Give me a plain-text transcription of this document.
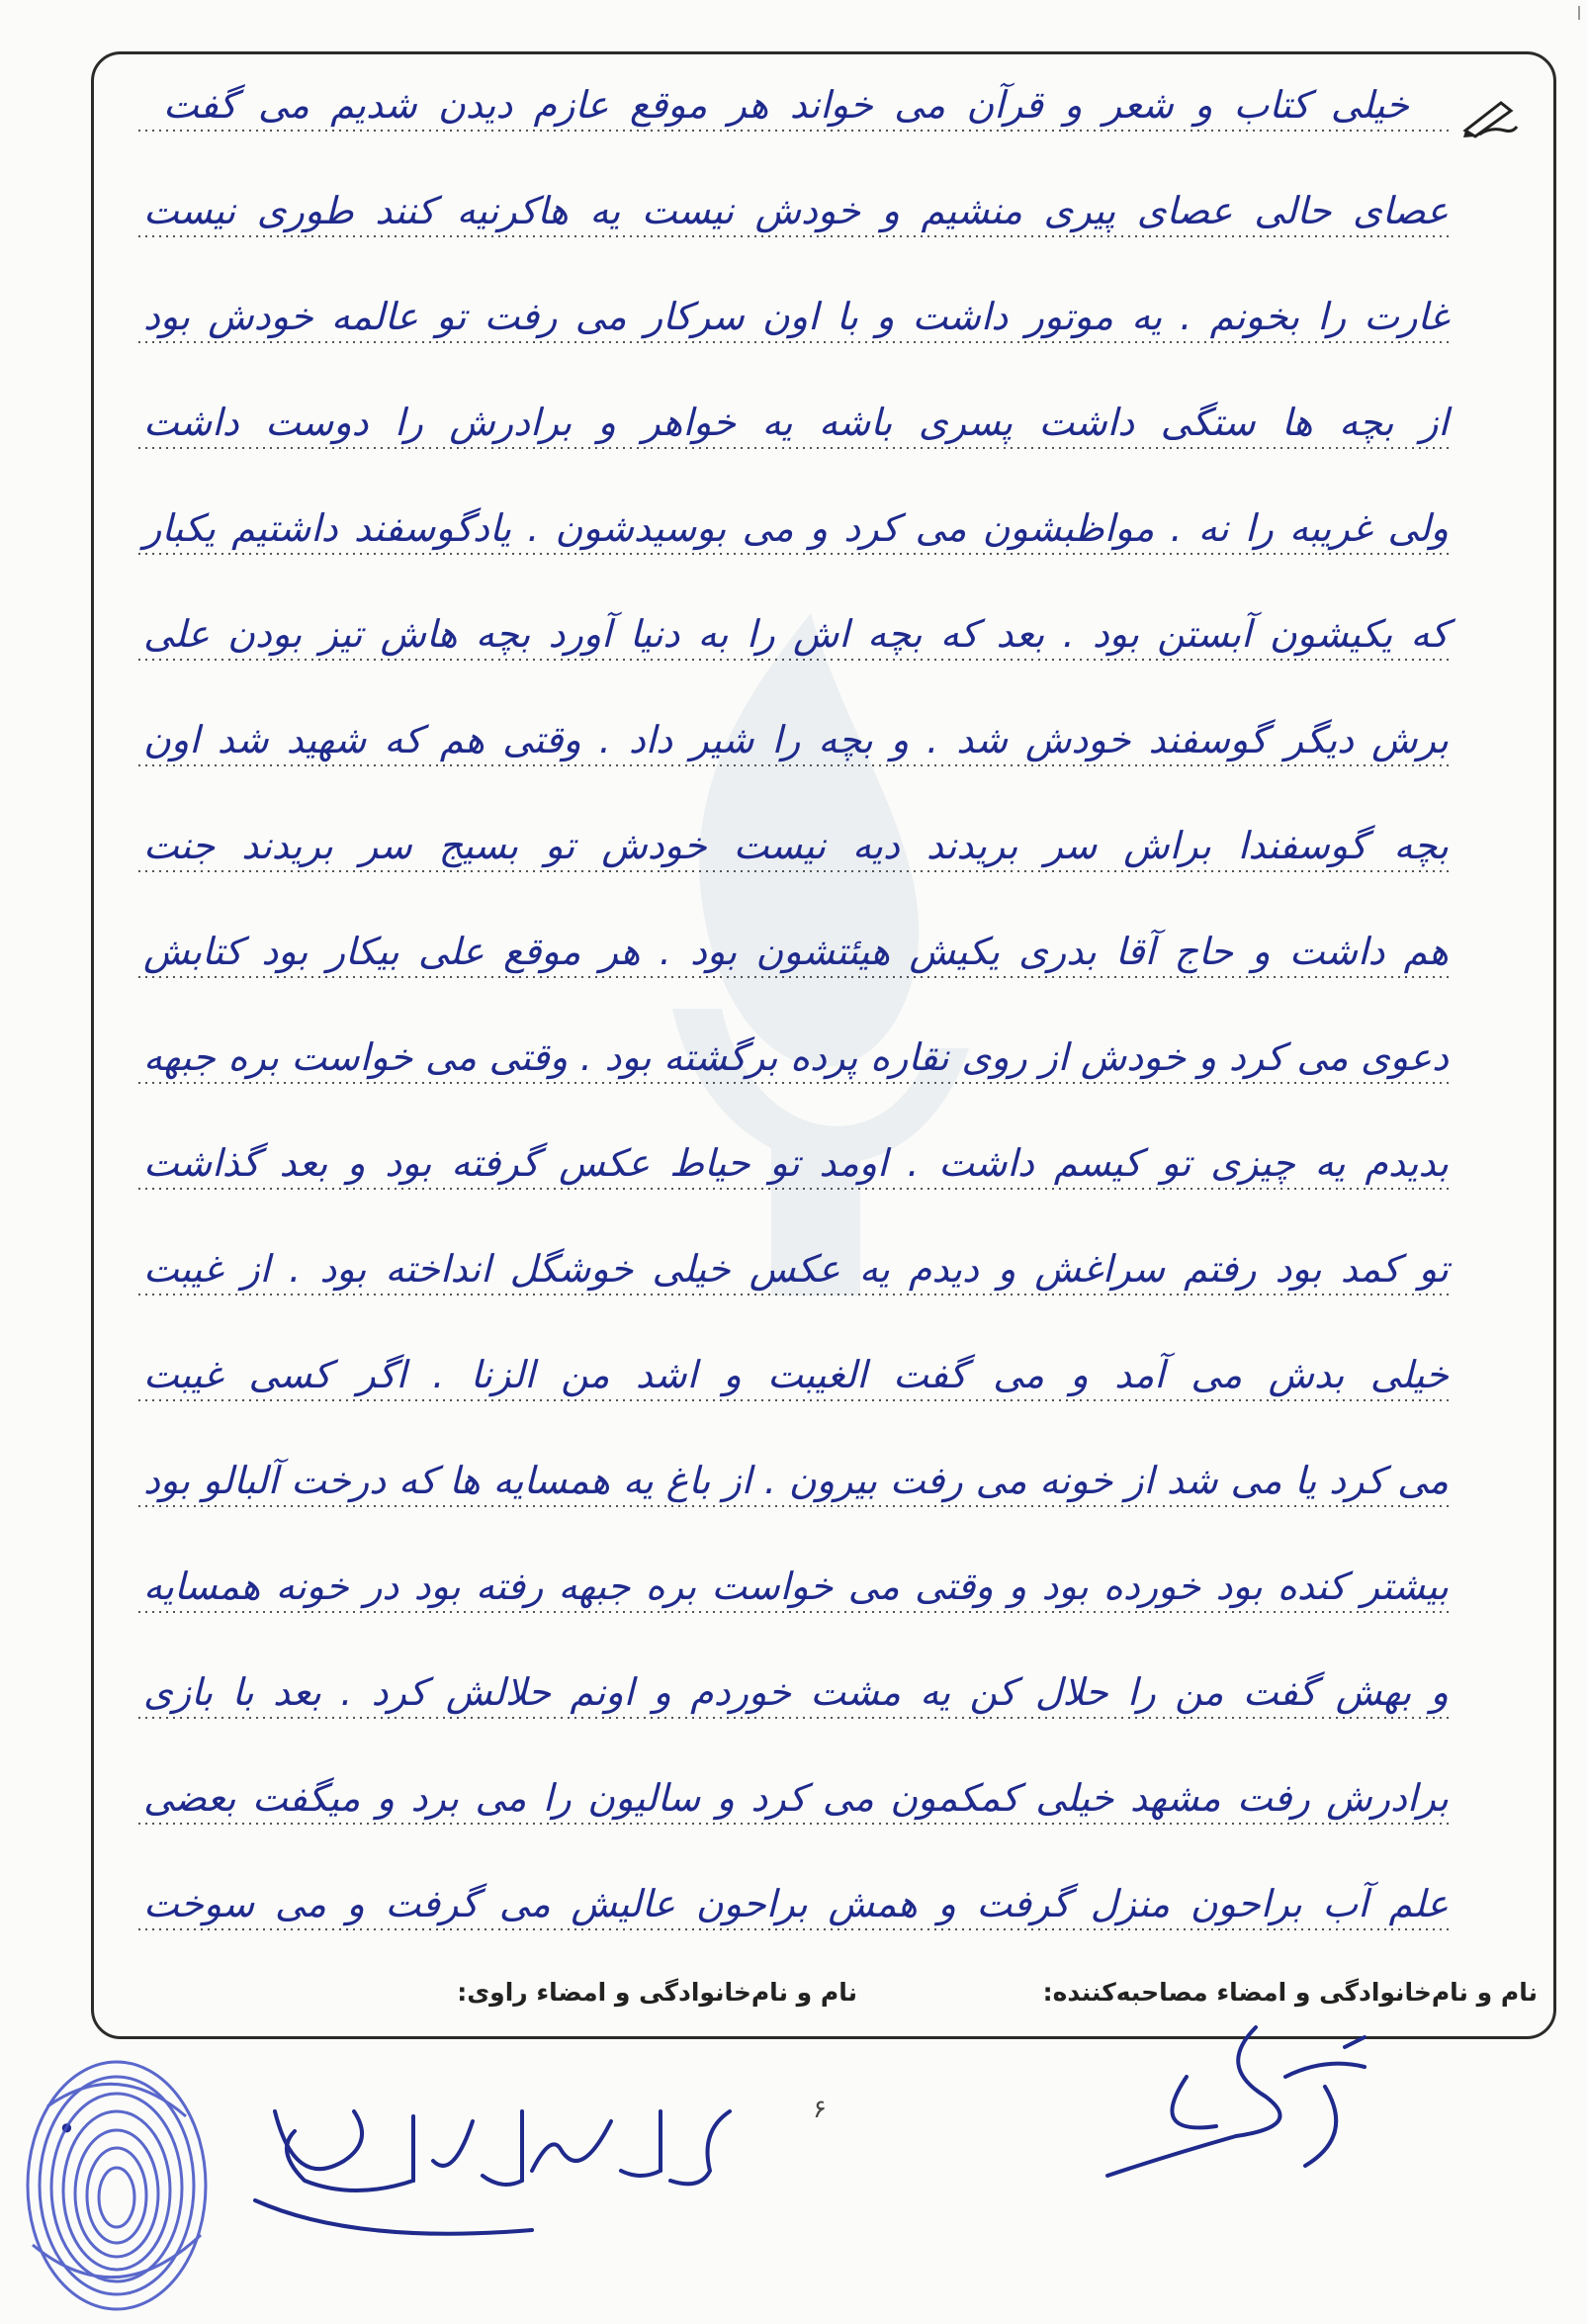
خیلی کتاب و شعر و قرآن می خواند هر موقع عازم دیدن شدیم می گفت
عصای حالی عصای پیری منشیم و خودش نیست یه هاکرنیه کنند طوری نیست
غارت را بخونم . یه موتور داشت و با اون سرکار می رفت تو عالمه خودش بود
از بچه ها ستگی داشت پسری باشه یه خواهر و برادرش را دوست داشت
ولی غریبه را نه . مواظبشون می کرد و می بوسیدشون . یادگوسفند داشتیم یکبار
که یکیشون آبستن بود . بعد که بچه اش را به دنیا آورد بچه هاش تیز بودن علی
برش دیگر گوسفند خودش شد . و بچه را شیر داد . وقتی هم که شهید شد اون
بچه گوسفندا براش سر بریدند دیه نیست خودش تو بسیج سر بریدند جنت
هم داشت و حاج آقا بدری یکیش هیئتشون بود . هر موقع علی بیکار بود کتابش
دعوی می کرد و خودش از روی نقاره پرده برگشته بود . وقتی می خواست بره جبهه
بدیدم یه چیزی تو کیسم داشت . اومد تو حیاط عکس گرفته بود و بعد گذاشت
تو کمد بود رفتم سراغش و دیدم یه عکس خیلی خوشگل انداخته بود . از غیبت
خیلی بدش می آمد و می گفت الغیبت و اشد من الزنا . اگر کسی غیبت
می کرد یا می شد از خونه می رفت بیرون . از باغ یه همسایه ها که درخت آلبالو بود
بیشتر کنده بود خورده بود و وقتی می خواست بره جبهه رفته بود در خونه همسایه
و بهش گفت من را حلال کن یه مشت خوردم و اونم حلالش کرد . بعد با بازی
برادرش رفت مشهد خیلی کمکمون می کرد و سالیون را می برد و میگفت بعضی
علم آب براحون منزل گرفت و همش براحون عالیش می گرفت و می سوخت
•
نام و نام‌خانوادگی و امضاء مصاحبه‌کننده:
نام و نام‌خانوادگی و امضاء راوی:
۶
